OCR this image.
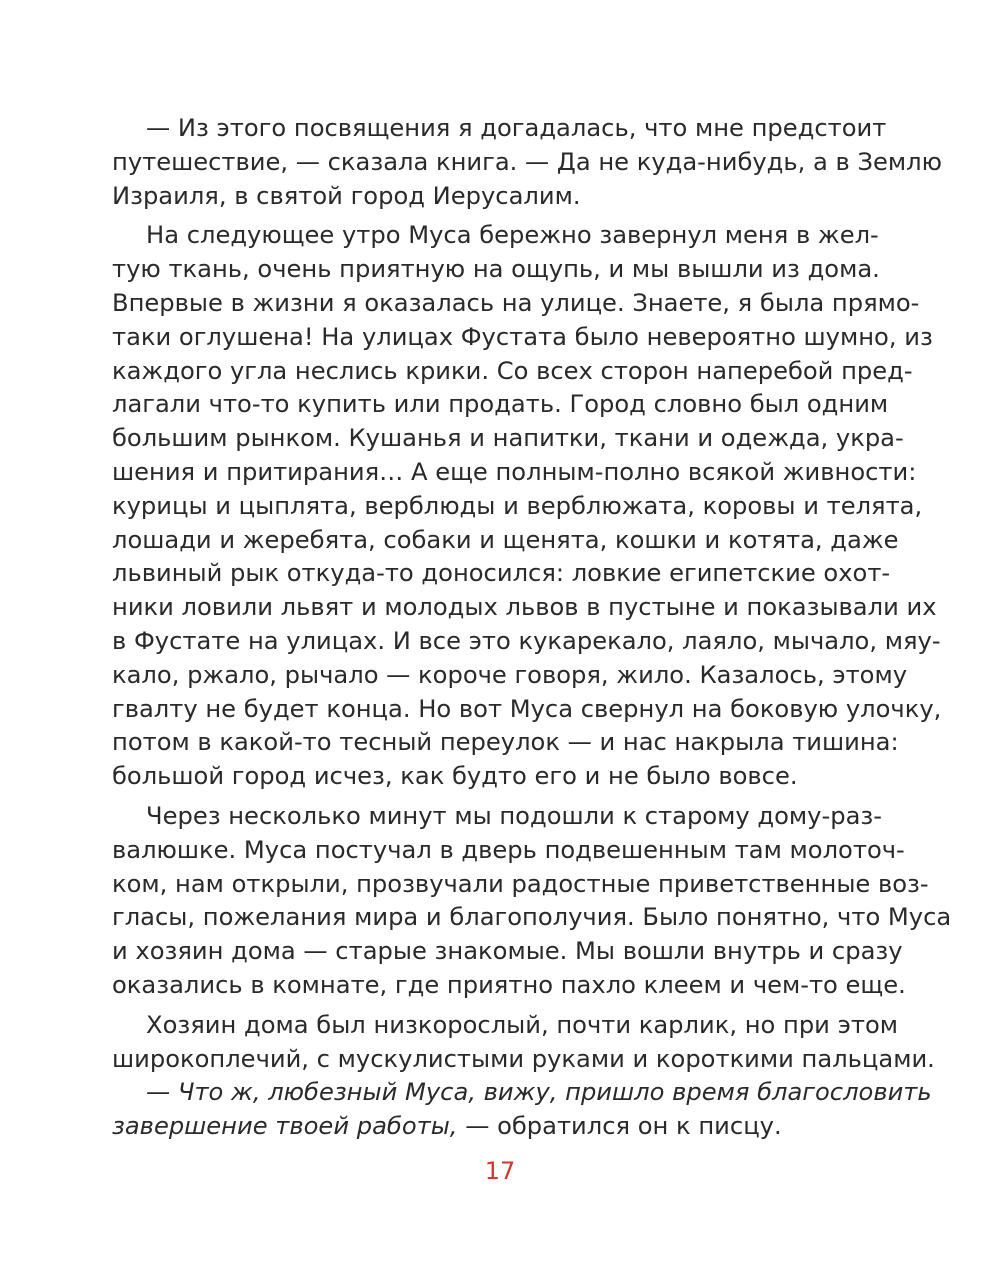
— Из этого посвящения я догадалась, что мне предстоит
путешествие, — сказала книга. — Да не куда-нибудь, а в Землю
Израиля, в святой город Иерусалим.
На следующее утро Муса бережно завернул меня в жел-
тую ткань, очень приятную на ощупь, и мы вышли из дома.
Впервые в жизни я оказалась на улице. Знаете, я была прямо-
таки оглушена! На улицах Фустата было невероятно шумно, из
каждого угла неслись крики. Со всех сторон наперебой пред-
лагали что-то купить или продать. Город словно был одним
большим рынком. Кушанья и напитки, ткани и одежда, укра-
шения и притирания… А еще полным-полно всякой живности:
курицы и цыплята, верблюды и верблюжата, коровы и телята,
лошади и жеребята, собаки и щенята, кошки и котята, даже
львиный рык откуда-то доносился: ловкие египетские охот-
ники ловили львят и молодых львов в пустыне и показывали их
в Фустате на улицах. И все это кукарекало, лаяло, мычало, мяу-
кало, ржало, рычало — короче говоря, жило. Казалось, этому
гвалту не будет конца. Но вот Муса свернул на боковую улочку,
потом в какой-то тесный переулок — и нас накрыла тишина:
большой город исчез, как будто его и не было вовсе.
Через несколько минут мы подошли к старому дому-раз-
валюшке. Муса постучал в дверь подвешенным там молоточ-
ком, нам открыли, прозвучали радостные приветственные воз-
гласы, пожелания мира и благополучия. Было понятно, что Муса
и хозяин дома — старые знакомые. Мы вошли внутрь и сразу
оказались в комнате, где приятно пахло клеем и чем-то еще.
Хозяин дома был низкорослый, почти карлик, но при этом
широкоплечий, с мускулистыми руками и короткими пальцами.
— Что ж, любезный Муса, вижу, пришло время благословить
завершение твоей работы, — обратился он к писцу.
17
